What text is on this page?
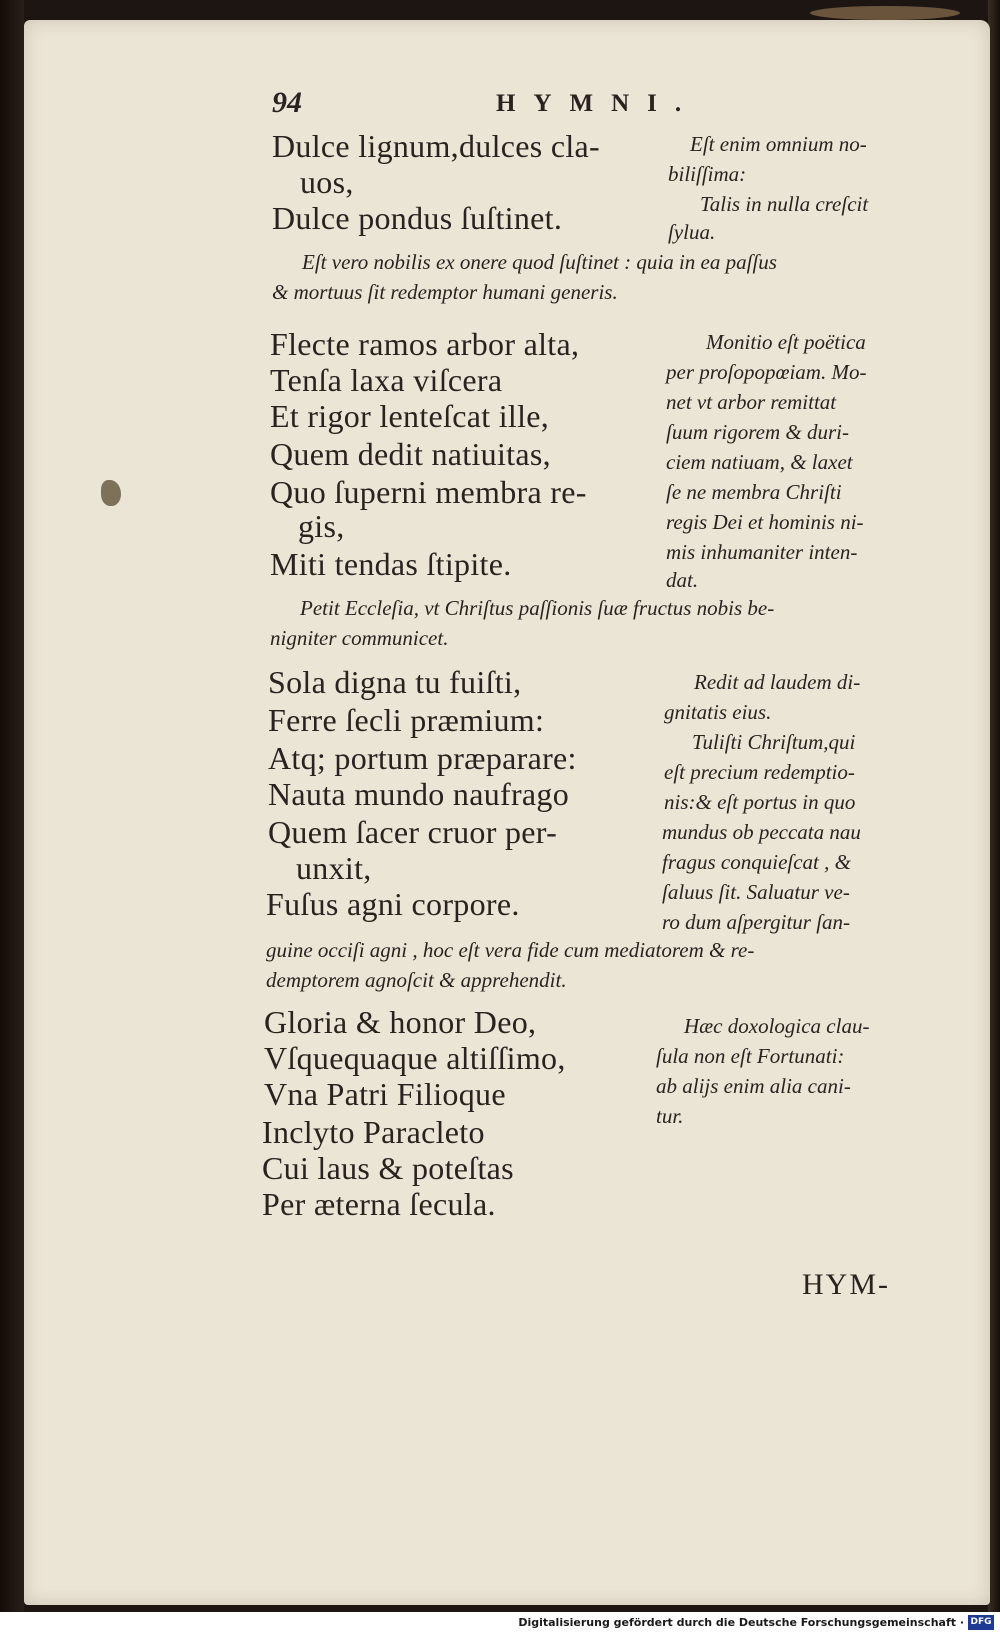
94	HYMNI.
Dulce lignum,dulces cla-
uos,
Dulce pondus ſuſtinet.
Eſt enim omnium no-
biliſſima:
Talis in nulla creſcit
ſylua.
Eſt vero nobilis ex onere quod ſuſtinet : quia in ea paſſus
& mortuus ſit redemptor humani generis.
Flecte ramos arbor alta,
Tenſa laxa viſcera
Et rigor lenteſcat ille,
Quem dedit natiuitas,
Quo ſuperni membra re-
gis,
Miti tendas ſtipite.
Monitio eſt poëtica
per proſopopœiam. Mo-
net vt arbor remittat
ſuum rigorem & duri-
ciem natiuam, & laxet
ſe ne membra Chriſti
regis Dei et hominis ni-
mis inhumaniter inten-
dat.
Petit Eccleſia, vt Chriſtus paſſionis ſuæ fructus nobis be-
nigniter communicet.
Sola digna tu fuiſti,
Ferre ſecli præmium:
Atq; portum præparare:
Nauta mundo naufrago
Quem ſacer cruor per-
unxit,
Fuſus agni corpore.
Redit ad laudem di-
gnitatis eius.
Tuliſti Chriſtum,qui
eſt precium redemptio-
nis:& eſt portus in quo
mundus ob peccata nau
fragus conquieſcat , &
ſaluus ſit. Saluatur ve-
ro dum aſpergitur ſan-
guine occiſi agni , hoc eſt vera fide cum mediatorem & re-
demptorem agnoſcit & apprehendit.
Gloria & honor Deo,
Vſquequaque altiſſimo,
Vna Patri Filioque
Inclyto Paracleto
Cui laus & poteſtas
Per æterna ſecula.
Hæc doxologica clau-
ſula non eſt Fortunati:
ab alijs enim alia cani-
tur.
HYM-
Digitalisierung gefördert durch die Deutsche Forschungsgemeinschaft · DFG
